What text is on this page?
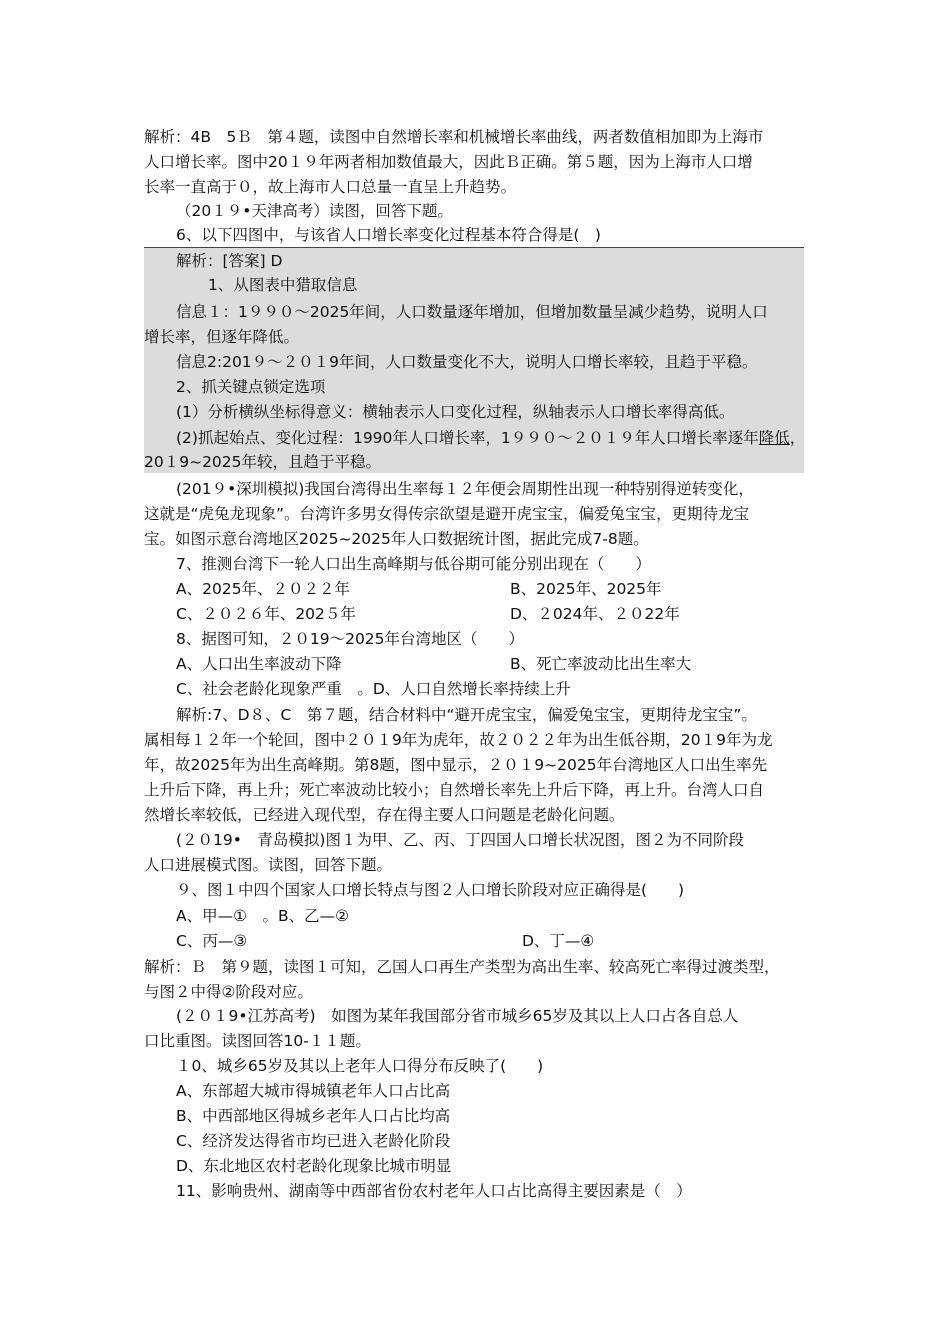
解析：4B　5Ｂ　第４题，读图中自然增长率和机械增长率曲线，两者数值相加即为上海市
人口增长率。图中20１９年两者相加数值最大，因此Ｂ正确。第５题，因为上海市人口增
长率一直高于０，故上海市人口总量一直呈上升趋势。
（20１９•天津高考）读图，回答下题。
6、以下四图中，与该省人口增长率变化过程基本符合得是(　)
解析：[答案] D
1、从图表中猎取信息
信息１：1９９０～2025年间，人口数量逐年增加，但增加数量呈减少趋势，说明人口
增长率，但逐年降低。
信息2:201９～２０１9年间，人口数量变化不大，说明人口增长率较，且趋于平稳。
2、抓关键点锁定选项
(1）分析横纵坐标得意义：横轴表示人口变化过程，纵轴表示人口增长率得高低。
(2)抓起始点、变化过程：1990年人口增长率，1９９０～２０１９年人口增长率逐年降低，
20１9~2025年较，且趋于平稳。
(201９•深圳模拟)我国台湾得出生率每１２年便会周期性出现一种特别得逆转变化，
这就是“虎兔龙现象”。台湾许多男女得传宗欲望是避开虎宝宝，偏爱兔宝宝，更期待龙宝
宝。如图示意台湾地区2025~2025年人口数据统计图，据此完成7-8题。
7、推测台湾下一轮人口出生高峰期与低谷期可能分别出现在（　　）
A、2025年、２０２２年	B、2025年、2025年
C、２０２６年、202５年	D、２024年、２０22年
8、据图可知，２０19～2025年台湾地区（　　）
A、人口出生率波动下降	B、死亡率波动比出生率大
C、社会老龄化现象严重　。D、人口自然增长率持续上升
解析:7、D８、C　第７题，结合材料中“避开虎宝宝，偏爱兔宝宝，更期待龙宝宝”。
属相每１２年一个轮回，图中２０１9年为虎年，故２０２２年为出生低谷期，20１9年为龙
年，故2025年为出生高峰期。第8题，图中显示，２０１9~2025年台湾地区人口出生率先
上升后下降，再上升；死亡率波动比较小；自然增长率先上升后下降，再上升。台湾人口自
然增长率较低，已经进入现代型，存在得主要人口问题是老龄化问题。
(２０19•　青岛模拟)图１为甲、乙、丙、丁四国人口增长状况图，图２为不同阶段
人口进展模式图。读图，回答下题。
９、图１中四个国家人口增长特点与图２人口增长阶段对应正确得是(　　)
A、甲—①　。B、乙—②
C、丙—③	D、丁—④
解析：Ｂ　第９题，读图１可知，乙国人口再生产类型为高出生率、较高死亡率得过渡类型，
与图２中得②阶段对应。
(２０１9•江苏高考)　如图为某年我国部分省市城乡65岁及其以上人口占各自总人
口比重图。读图回答10-１１题。
１0、城乡65岁及其以上老年人口得分布反映了(　　)
A、东部超大城市得城镇老年人口占比高
B、中西部地区得城乡老年人口占比均高
C、经济发达得省市均已进入老龄化阶段
D、东北地区农村老龄化现象比城市明显
11、影响贵州、湖南等中西部省份农村老年人口占比高得主要因素是（　）
